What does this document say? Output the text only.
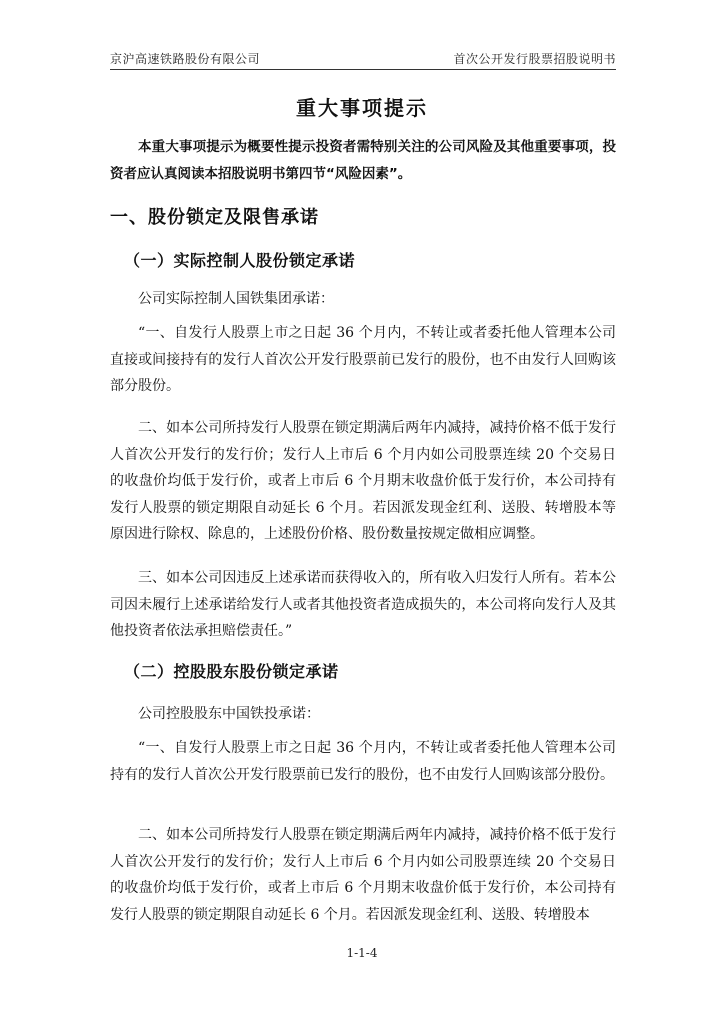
京沪高速铁路股份有限公司	首次公开发行股票招股说明书
重大事项提示

本重大事项提示为概要性提示投资者需特别关注的公司风险及其他重要事项，投资者应认真阅读本招股说明书第四节“风险因素”。

一、股份锁定及限售承诺
（一）实际控制人股份锁定承诺

公司实际控制人国铁集团承诺：

“一、自发行人股票上市之日起 36 个月内，不转让或者委托他人管理本公司直接或间接持有的发行人首次公开发行股票前已发行的股份，也不由发行人回购该部分股份。

二、如本公司所持发行人股票在锁定期满后两年内减持，减持价格不低于发行人首次公开发行的发行价；发行人上市后 6 个月内如公司股票连续 20 个交易日的收盘价均低于发行价，或者上市后 6 个月期末收盘价低于发行价，本公司持有发行人股票的锁定期限自动延长 6 个月。若因派发现金红利、送股、转增股本等原因进行除权、除息的，上述股份价格、股份数量按规定做相应调整。

三、如本公司因违反上述承诺而获得收入的，所有收入归发行人所有。若本公司因未履行上述承诺给发行人或者其他投资者造成损失的，本公司将向发行人及其他投资者依法承担赔偿责任。”

（二）控股股东股份锁定承诺

公司控股股东中国铁投承诺：

“一、自发行人股票上市之日起 36 个月内，不转让或者委托他人管理本公司持有的发行人首次公开发行股票前已发行的股份，也不由发行人回购该部分股份。

二、如本公司所持发行人股票在锁定期满后两年内减持，减持价格不低于发行人首次公开发行的发行价；发行人上市后 6 个月内如公司股票连续 20 个交易日的收盘价均低于发行价，或者上市后 6 个月期末收盘价低于发行价，本公司持有发行人股票的锁定期限自动延长 6 个月。若因派发现金红利、送股、转增股本

1-1-4
